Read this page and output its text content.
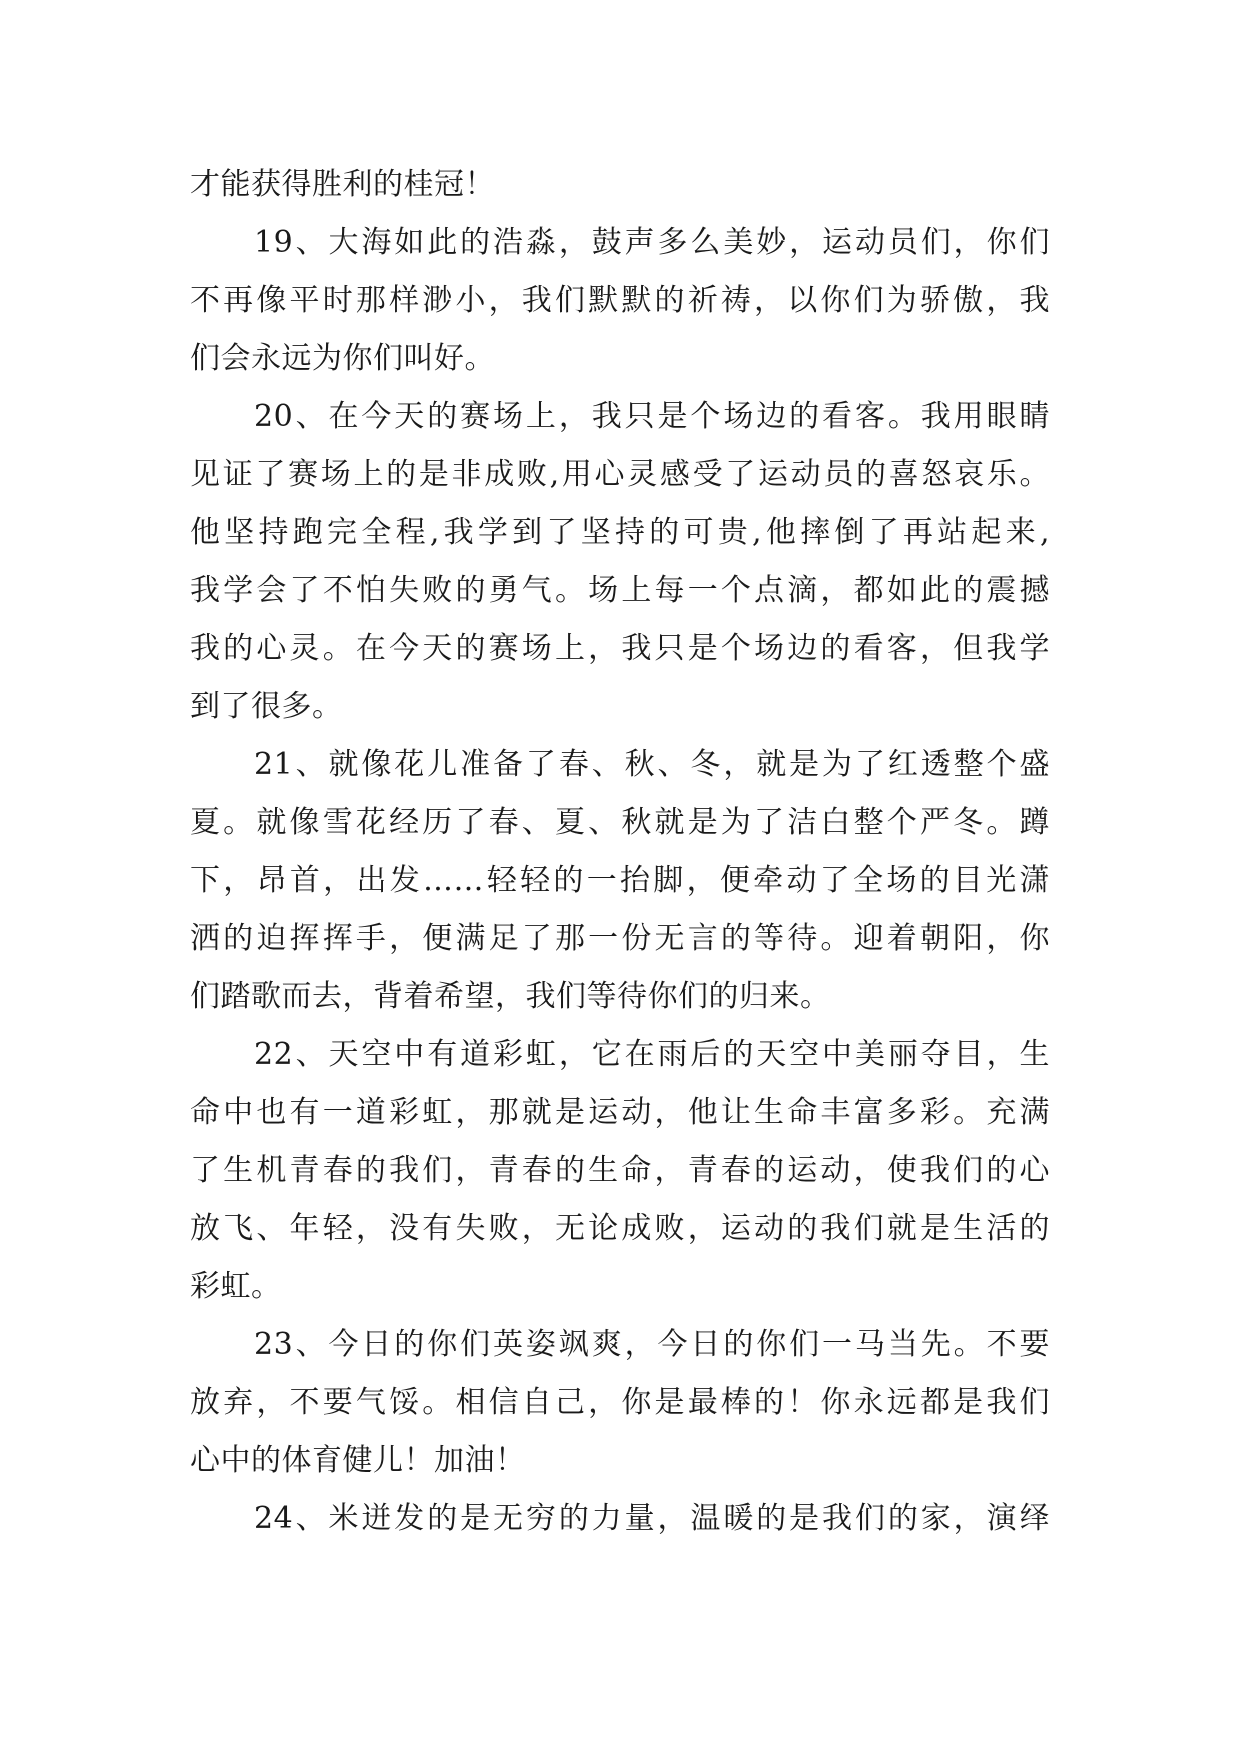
才能获得胜利的桂冠！
19、大海如此的浩淼，鼓声多么美妙，运动员们，你们
不再像平时那样渺小，我们默默的祈祷，以你们为骄傲，我
们会永远为你们叫好。
20、在今天的赛场上，我只是个场边的看客。我用眼睛
见证了赛场上的是非成败,用心灵感受了运动员的喜怒哀乐。
他坚持跑完全程,我学到了坚持的可贵,他摔倒了再站起来,
我学会了不怕失败的勇气。场上每一个点滴，都如此的震撼
我的心灵。在今天的赛场上，我只是个场边的看客，但我学
到了很多。
21、就像花儿准备了春、秋、冬，就是为了红透整个盛
夏。就像雪花经历了春、夏、秋就是为了洁白整个严冬。蹲
下，昂首，出发……轻轻的一抬脚，便牵动了全场的目光潇
洒的迫挥挥手，便满足了那一份无言的等待。迎着朝阳，你
们踏歌而去，背着希望，我们等待你们的归来。
22、天空中有道彩虹，它在雨后的天空中美丽夺目，生
命中也有一道彩虹，那就是运动，他让生命丰富多彩。充满
了生机青春的我们，青春的生命，青春的运动，使我们的心
放飞、年轻，没有失败，无论成败，运动的我们就是生活的
彩虹。
23、今日的你们英姿飒爽，今日的你们一马当先。不要
放弃，不要气馁。相信自己，你是最棒的！你永远都是我们
心中的体育健儿！加油！
24、米迸发的是无穷的力量，温暖的是我们的家，演绎
